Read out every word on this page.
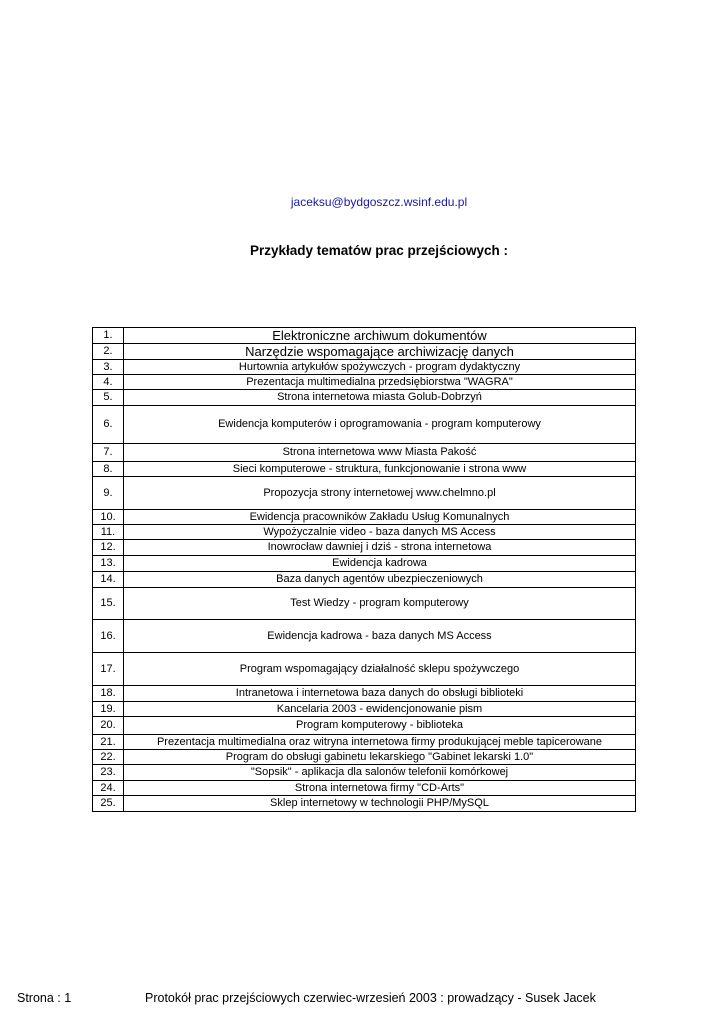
jaceksu@bydgoszcz.wsinf.edu.pl
Przykłady tematów prac przejściowych :
1.	Elektroniczne archiwum dokumentów
2.	Narzędzie wspomagające archiwizację danych
3.	Hurtownia artykułów spożywczych - program dydaktyczny
4.	Prezentacja multimedialna przedsiębiorstwa "WAGRA"
5.	Strona internetowa miasta Golub-Dobrzyń
6.	Ewidencja komputerów i oprogramowania - program komputerowy
7.	Strona internetowa www Miasta Pakość
8.	Sieci komputerowe - struktura, funkcjonowanie i strona www
9.	Propozycja strony internetowej www.chelmno.pl
10.	Ewidencja pracowników Zakładu Usług Komunalnych
11.	Wypożyczalnie video - baza danych MS Access
12.	Inowrocław dawniej i dziś - strona internetowa
13.	Ewidencja kadrowa
14.	Baza danych agentów ubezpieczeniowych
15.	Test Wiedzy - program komputerowy
16.	Ewidencja kadrowa - baza danych MS Access
17.	Program wspomagający działalność sklepu spożywczego
18.	Intranetowa i internetowa baza danych do obsługi biblioteki
19.	Kancelaria 2003 - ewidencjonowanie pism
20.	Program komputerowy - biblioteka
21.	Prezentacja multimedialna oraz witryna internetowa firmy produkującej meble tapicerowane
22.	Program do obsługi gabinetu lekarskiego "Gabinet lekarski 1.0"
23.	"Sopsik" - aplikacja dla salonów telefonii komórkowej
24.	Strona internetowa firmy "CD-Arts"
25.	Sklep internetowy w technologii PHP/MySQL
Strona : 1	Protokół prac przejściowych czerwiec-wrzesień 2003 : prowadzący - Susek Jacek
